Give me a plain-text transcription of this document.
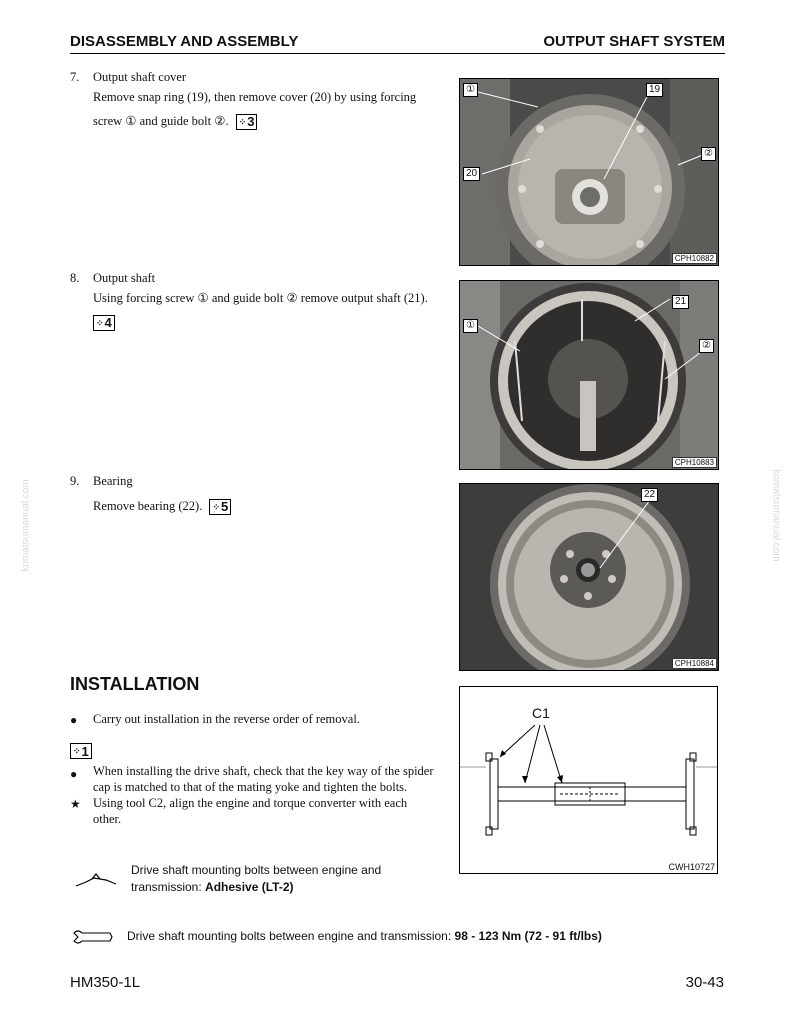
DISASSEMBLY AND ASSEMBLY	OUTPUT SHAFT SYSTEM
komatsumanual.com	komatsumanual.com
7. Output shaft cover
Remove snap ring (19), then remove cover (20) by using forcing
screw ① and guide bolt ②. ⁘ 3
①	19
②
20
CPH10882
8. Output shaft
Using forcing screw ① and guide bolt ② remove output shaft (21).
⁘ 4
21
①
②
CPH10883
9. Bearing
Remove bearing (22). ⁘ 5
22
CPH10884
INSTALLATION
●	Carry out installation in the reverse order of removal.
⁘ 1
●	When installing the drive shaft, check that the key way of the spider
cap is matched to that of the mating yoke and tighten the bolts.
★ Using tool C2, align the engine and torque converter with each
other.
C1
CWH10727
Drive shaft mounting bolts between engine and
transmission: Adhesive (LT-2)
Drive shaft mounting bolts between engine and transmission: 98 - 123 Nm (72 - 91 ft/lbs)
HM350-1L	30-43
